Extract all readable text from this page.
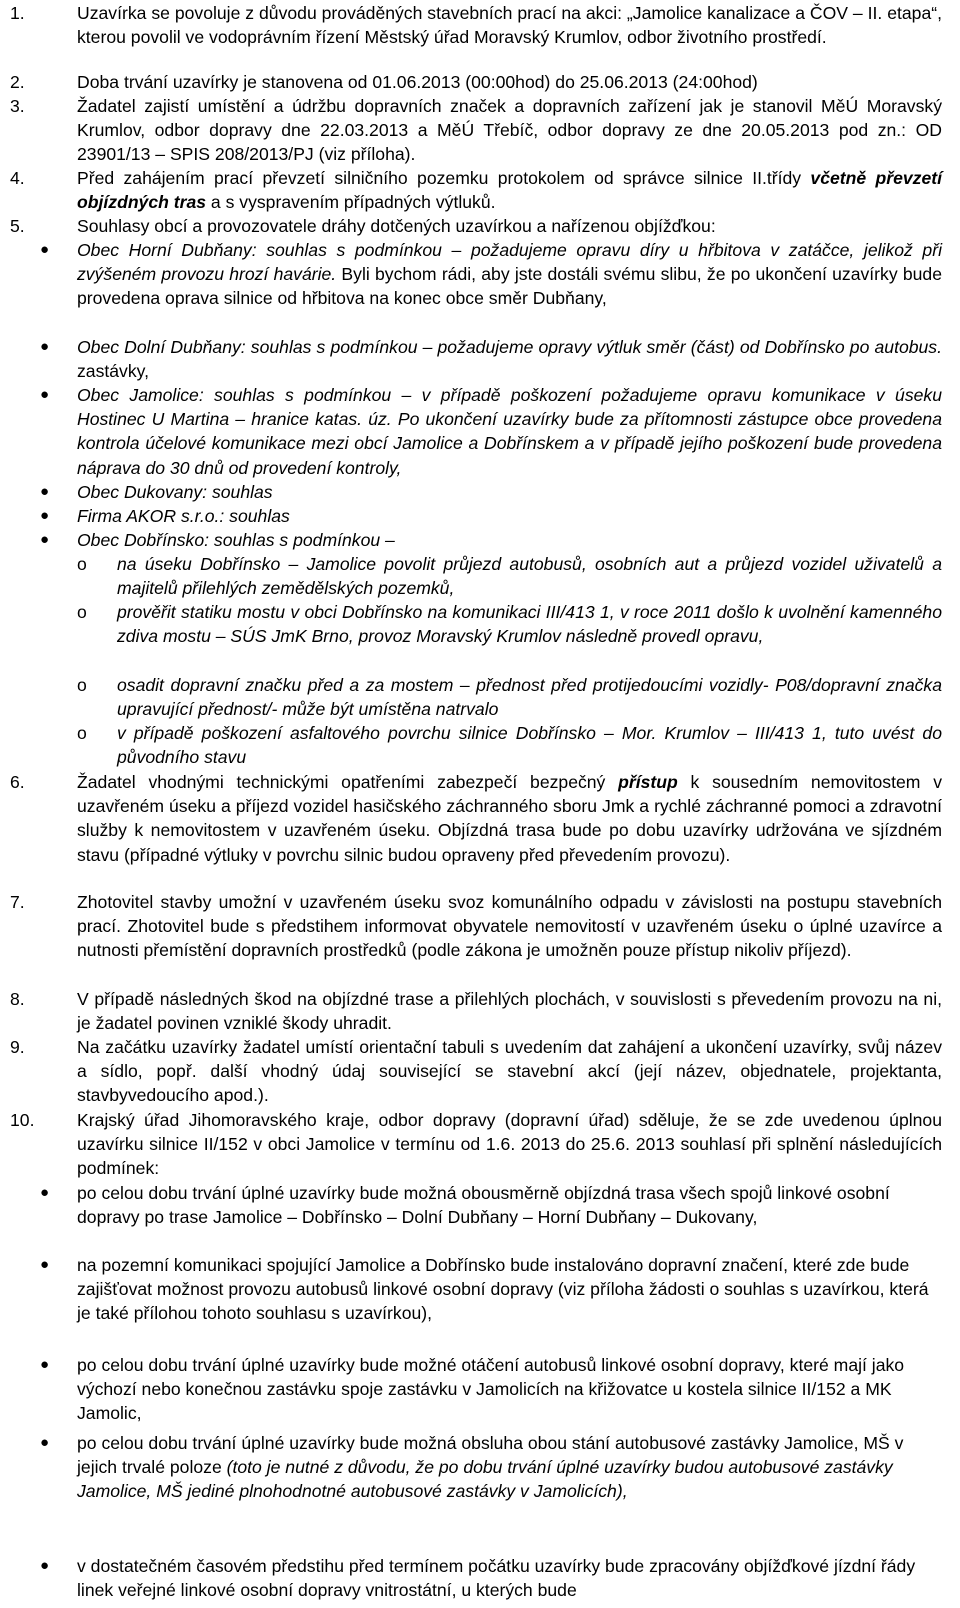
1.	Uzavírka se povoluje z důvodu prováděných stavebních prací na akci: „Jamolice kanalizace a ČOV – II. etapa“, kterou povolil ve vodoprávním řízení Městský úřad Moravský Krumlov, odbor životního prostředí.
2.	Doba trvání uzavírky je stanovena od 01.06.2013 (00:00hod) do 25.06.2013 (24:00hod)
3.	Žadatel zajistí umístění a údržbu dopravních značek a dopravních zařízení jak je stanovil MěÚ Moravský Krumlov, odbor dopravy dne 22.03.2013 a MěÚ Třebíč, odbor dopravy ze dne 20.05.2013 pod zn.: OD 23901/13 – SPIS 208/2013/PJ (viz příloha).
4.	Před zahájením prací převzetí silničního pozemku protokolem od správce silnice II.třídy včetně převzetí objízdných tras a s vyspravením případných výtluků.
5.	Souhlasy obcí a provozovatele dráhy dotčených uzavírkou a nařízenou objížďkou:
● Obec Horní Dubňany: souhlas s podmínkou – požadujeme opravu díry u hřbitova v zatáčce, jelikož při zvýšeném provozu hrozí havárie. Byli bychom rádi, aby jste dostáli svému slibu, že po ukončení uzavírky bude provedena oprava silnice od hřbitova na konec obce směr Dubňany,
● Obec Dolní Dubňany: souhlas s podmínkou – požadujeme opravy výtluk směr (část) od Dobřínsko po autobus. zastávky,
● Obec Jamolice: souhlas s podmínkou – v případě poškození požadujeme opravu komunikace v úseku Hostinec U Martina – hranice katas. úz. Po ukončení uzavírky bude za přítomnosti zástupce obce provedena kontrola účelové komunikace mezi obcí Jamolice a Dobřínskem a v případě jejího poškození bude provedena náprava do 30 dnů od provedení kontroly,
● Obec Dukovany: souhlas
● Firma AKOR s.r.o.: souhlas
● Obec Dobřínsko: souhlas s podmínkou –
o na úseku Dobřínsko – Jamolice povolit průjezd autobusů, osobních aut a průjezd vozidel uživatelů a majitelů přilehlých zemědělských pozemků,
o prověřit statiku mostu v obci Dobřínsko na komunikaci III/413 1, v roce 2011 došlo k uvolnění kamenného zdiva mostu – SÚS JmK Brno, provoz Moravský Krumlov následně provedl opravu,
o osadit dopravní značku před a za mostem – přednost před protijedoucími vozidly- P08/dopravní značka upravující přednost/- může být umístěna natrvalo
o v případě poškození asfaltového povrchu silnice Dobřínsko – Mor. Krumlov – III/413 1, tuto uvést do původního stavu
6.	Žadatel vhodnými technickými opatřeními zabezpečí bezpečný přístup k sousedním nemovitostem v uzavřeném úseku a příjezd vozidel hasičského záchranného sboru Jmk a rychlé záchranné pomoci a zdravotní služby k nemovitostem v uzavřeném úseku. Objízdná trasa bude po dobu uzavírky udržována ve sjízdném stavu (případné výtluky v povrchu silnic budou opraveny před převedením provozu).
7.	Zhotovitel stavby umožní v uzavřeném úseku svoz komunálního odpadu v závislosti na postupu stavebních prací. Zhotovitel bude s předstihem informovat obyvatele nemovitostí v uzavřeném úseku o úplné uzavírce a nutnosti přemístění dopravních prostředků (podle zákona je umožněn pouze přístup nikoliv příjezd).
8.	V případě následných škod na objízdné trase a přilehlých plochách, v souvislosti s převedením provozu na ni, je žadatel povinen vzniklé škody uhradit.
9.	Na začátku uzavírky žadatel umístí orientační tabuli s uvedením dat zahájení a ukončení uzavírky, svůj název a sídlo, popř. další vhodný údaj související se stavební akcí (její název, objednatele, projektanta, stavbyvedoucího apod.).
10. Krajský úřad Jihomoravského kraje, odbor dopravy (dopravní úřad) sděluje, že se zde uvedenou úplnou uzavírku silnice II/152 v obci Jamolice v termínu od 1.6. 2013 do 25.6. 2013 souhlasí při splnění následujících podmínek:
● po celou dobu trvání úplné uzavírky bude možná obousměrně objízdná trasa všech spojů linkové osobní dopravy po trase Jamolice – Dobřínsko – Dolní Dubňany – Horní Dubňany – Dukovany,
● na pozemní komunikaci spojující Jamolice a Dobřínsko bude instalováno dopravní značení, které zde bude zajišťovat možnost provozu autobusů linkové osobní dopravy (viz příloha žádosti o souhlas s uzavírkou, která je také přílohou tohoto souhlasu s uzavírkou),
● po celou dobu trvání úplné uzavírky bude možné otáčení autobusů linkové osobní dopravy, které mají jako výchozí nebo konečnou zastávku spoje zastávku v Jamolicích na křižovatce u kostela silnice II/152 a MK Jamolic,
● po celou dobu trvání úplné uzavírky bude možná obsluha obou stání autobusové zastávky Jamolice, MŠ v jejich trvalé poloze (toto je nutné z důvodu, že po dobu trvání úplné uzavírky budou autobusové zastávky Jamolice, MŠ jediné plnohodnotné autobusové zastávky v Jamolicích),
● v dostatečném časovém předstihu před termínem počátku uzavírky bude zpracovány objížďkové jízdní řády linek veřejné linkové osobní dopravy vnitrostátní, u kterých bude
